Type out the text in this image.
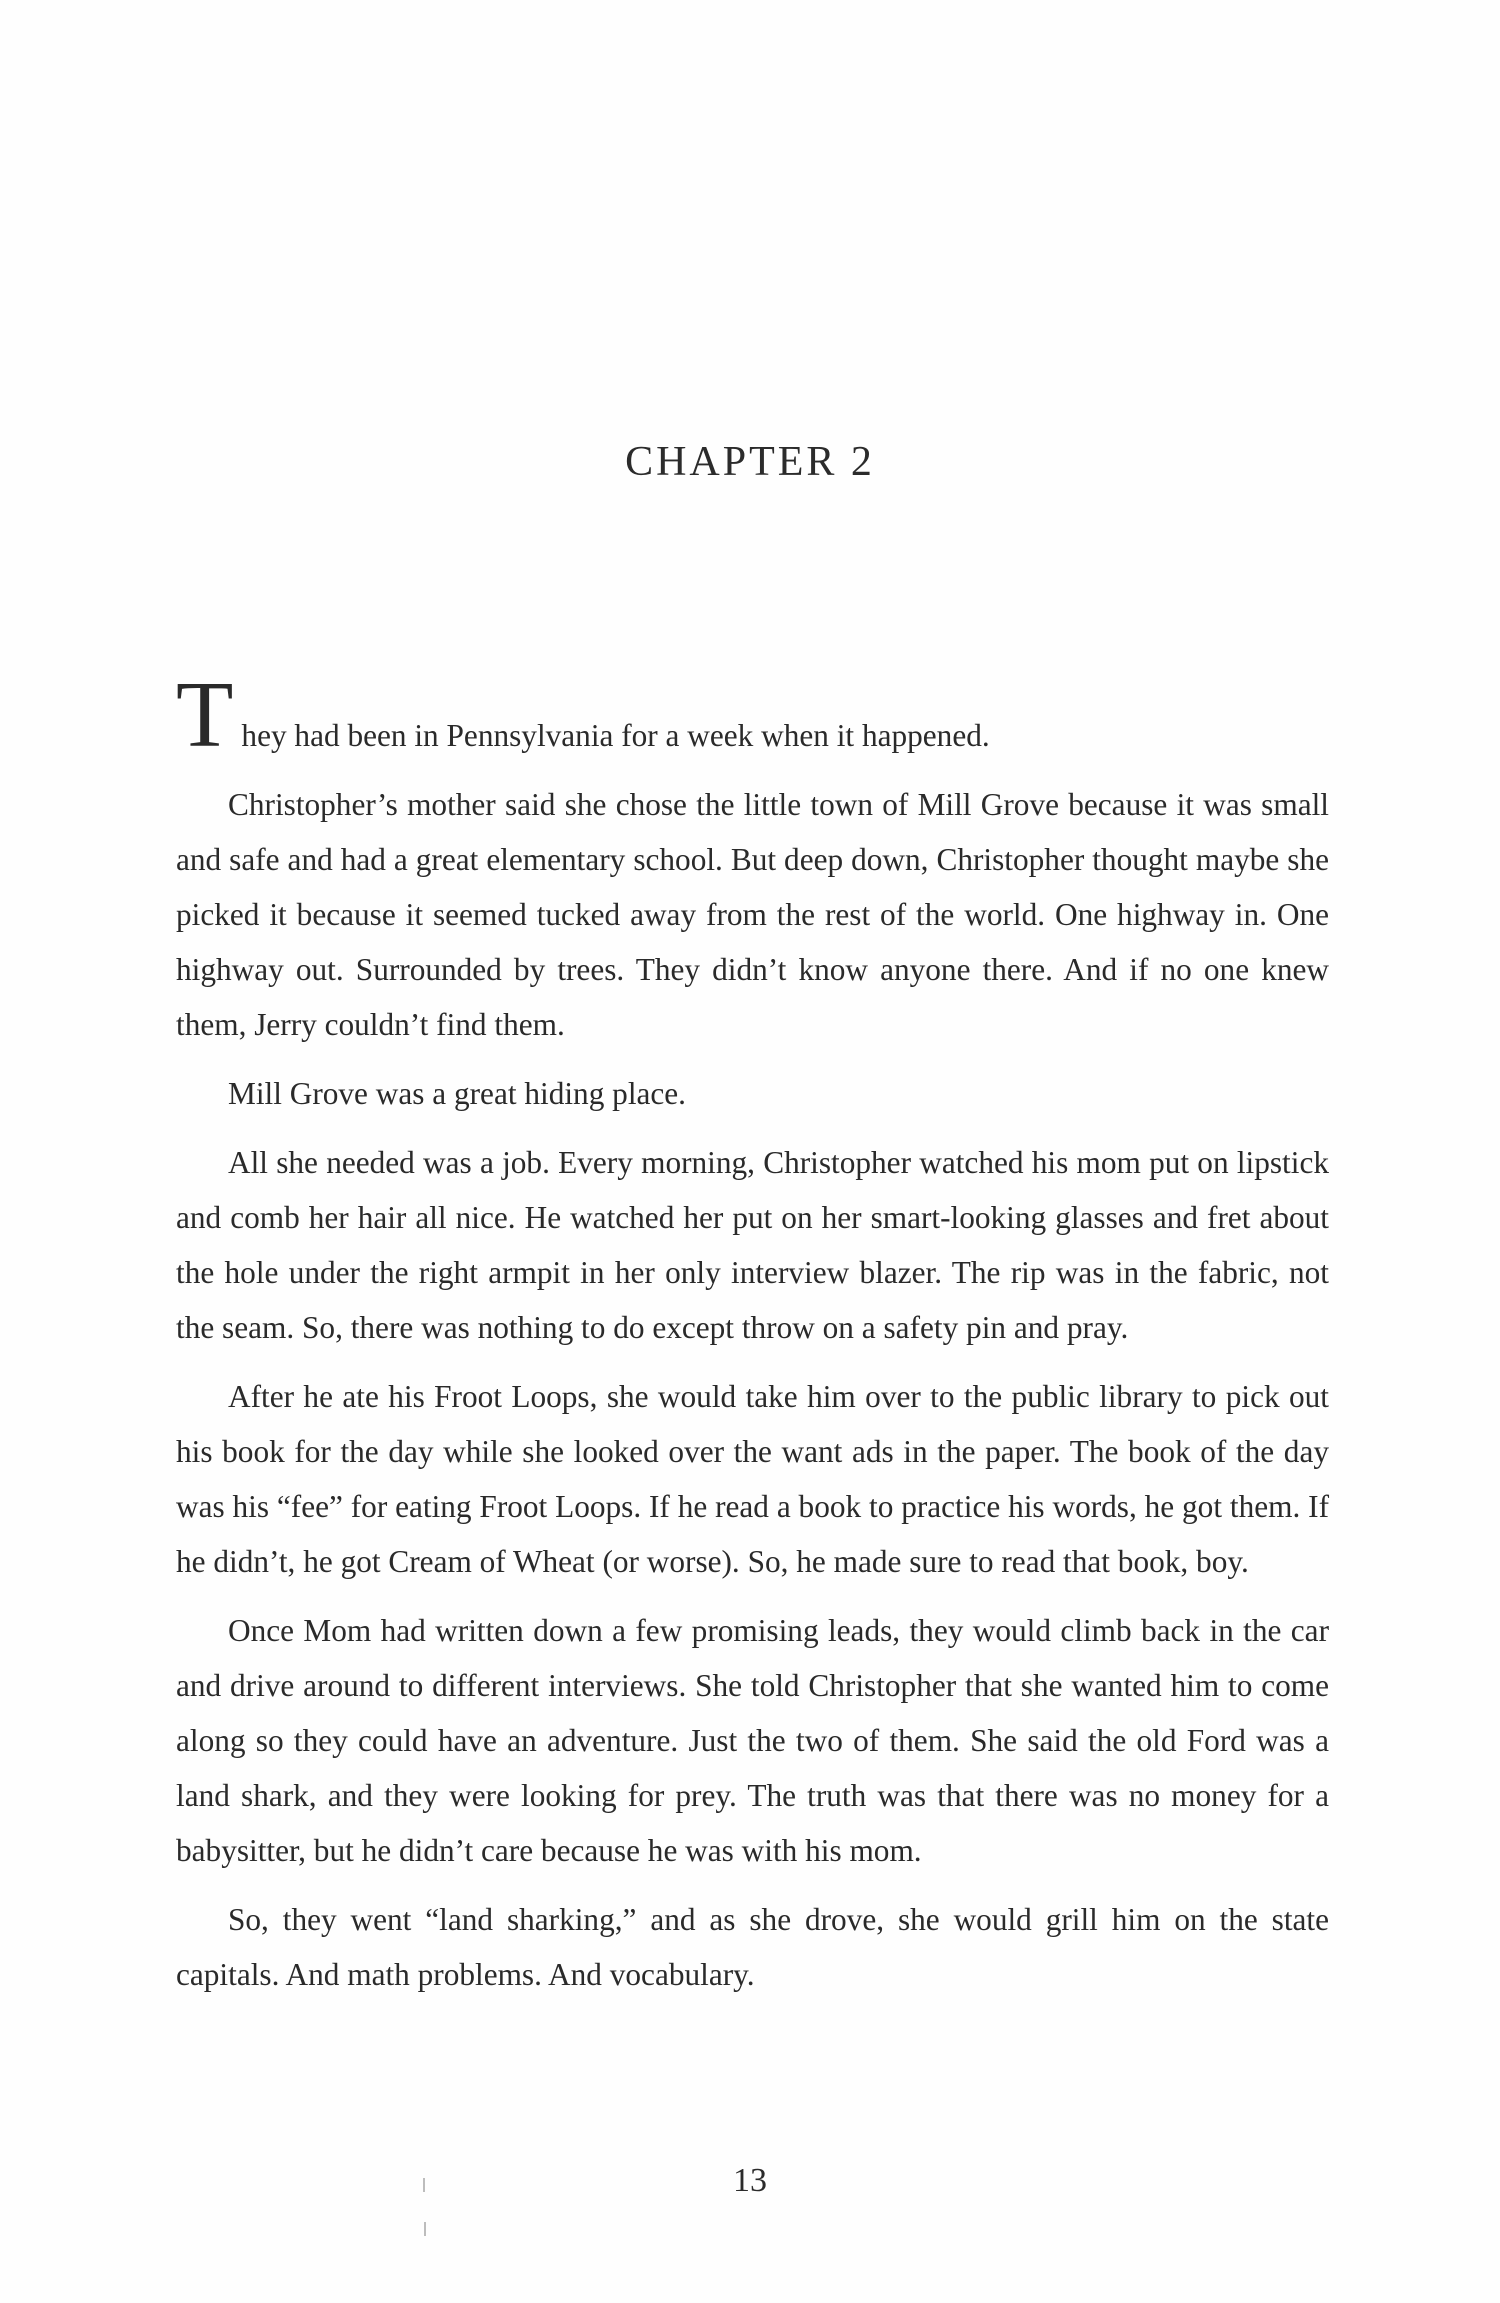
CHAPTER 2

They had been in Pennsylvania for a week when it happened.

Christopher’s mother said she chose the little town of Mill Grove because it was small and safe and had a great elementary school. But deep down, Christopher thought maybe she picked it because it seemed tucked away from the rest of the world. One highway in. One highway out. Surrounded by trees. They didn’t know anyone there. And if no one knew them, Jerry couldn’t find them.

Mill Grove was a great hiding place.

All she needed was a job. Every morning, Christopher watched his mom put on lipstick and comb her hair all nice. He watched her put on her smart-looking glasses and fret about the hole under the right armpit in her only interview blazer. The rip was in the fabric, not the seam. So, there was nothing to do except throw on a safety pin and pray.

After he ate his Froot Loops, she would take him over to the public library to pick out his book for the day while she looked over the want ads in the paper. The book of the day was his “fee” for eating Froot Loops. If he read a book to practice his words, he got them. If he didn’t, he got Cream of Wheat (or worse). So, he made sure to read that book, boy.

Once Mom had written down a few promising leads, they would climb back in the car and drive around to different interviews. She told Christopher that she wanted him to come along so they could have an adventure. Just the two of them. She said the old Ford was a land shark, and they were looking for prey. The truth was that there was no money for a babysitter, but he didn’t care because he was with his mom.

So, they went “land sharking,” and as she drove, she would grill him on the state capitals. And math problems. And vocabulary.

13
